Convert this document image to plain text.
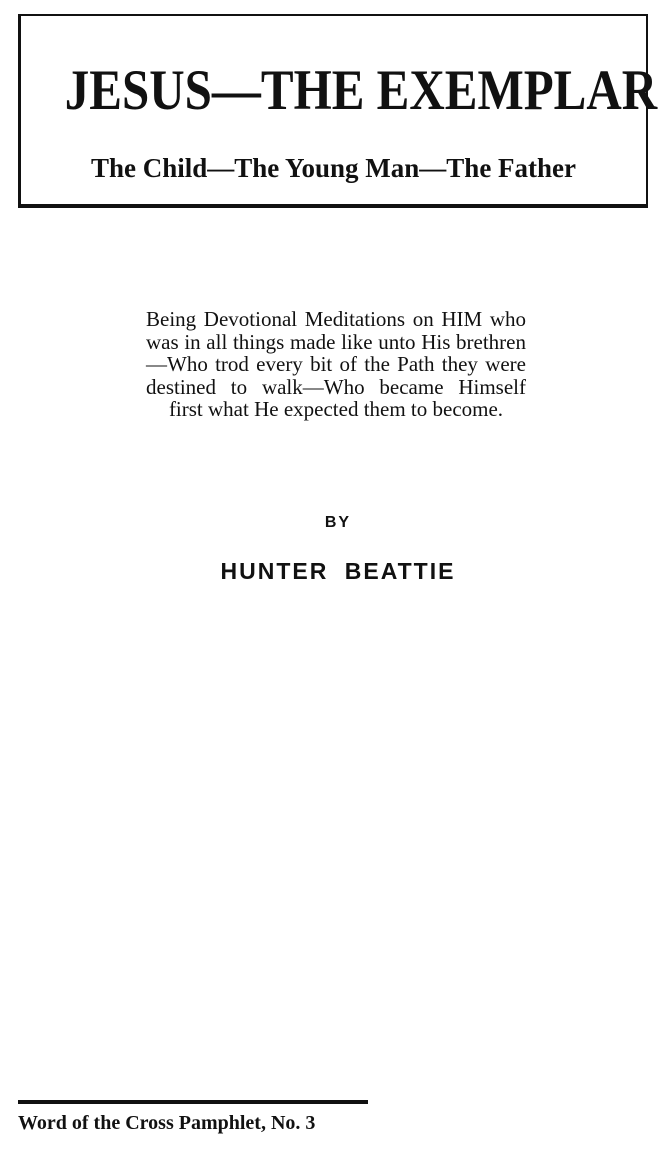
JESUS—THE EXEMPLAR
The Child—The Young Man—The Father
Being Devotional Meditations on HIM who was in all things made like unto His brethren—Who trod every bit of the Path they were destined to walk—Who became Himself first what He expected them to become.
BY
HUNTER BEATTIE
Word of the Cross Pamphlet, No. 3
